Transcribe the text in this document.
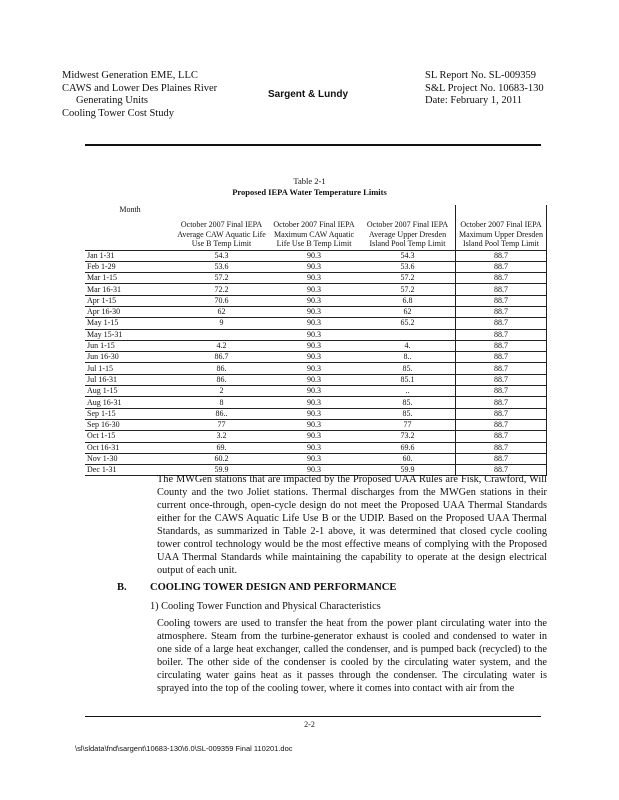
Midwest Generation EME, LLC
CAWS and Lower Des Plaines River
Generating Units
Cooling Tower Cost Study
Sargent & Lundy
SL Report No. SL-009359
S&L Project No. 10683-130
Date: February 1, 2011
Table 2-1
Proposed IEPA Water Temperature Limits
Month	October 2007 Final IEPA Average CAW Aquatic Life Use B Temp Limit	October 2007 Final IEPA Maximum CAW Aquatic Life Use B Temp Limit	October 2007 Final IEPA Average Upper Dresden Island Pool Temp Limit	October 2007 Final IEPA Maximum Upper Dresden Island Pool Temp Limit
Jan 1-31	54.3	90.3	54.3	88.7
Feb 1-29	53.6	90.3	53.6	88.7
Mar 1-15	57.2	90.3	57.2	88.7
Mar 16-31	72.2	90.3	57.2	88.7
Apr 1-15	70.6	90.3	6.8	88.7
Apr 16-30	62	90.3	62	88.7
May 1-15	9	90.3	65.2	88.7
May 15-31		90.3		88.7
Jun 1-15	4.2	90.3	4.	88.7
Jun 16-30	86.7	90.3	8..	88.7
Jul 1-15	86.	90.3	85.	88.7
Jul 16-31	86.	90.3	85.1	88.7
Aug 1-15	2	90.3	..	88.7
Aug 16-31	8	90.3	85.	88.7
Sep 1-15	86..	90.3	85.	88.7
Sep 16-30	77	90.3	77	88.7
Oct 1-15	3.2	90.3	73.2	88.7
Oct 16-31	69.	90.3	69.6	88.7
Nov 1-30	60.2	90.3	60.	88.7
Dec 1-31	59.9	90.3	59.9	88.7
The MWGen stations that are impacted by the Proposed UAA Rules are Fisk, Crawford, Will County and the two Joliet stations. Thermal discharges from the MWGen stations in their current once-through, open-cycle design do not meet the Proposed UAA Thermal Standards either for the CAWS Aquatic Life Use B or the UDIP. Based on the Proposed UAA Thermal Standards, as summarized in Table 2-1 above, it was determined that closed cycle cooling tower control technology would be the most effective means of complying with the Proposed UAA Thermal Standards while maintaining the capability to operate at the design electrical output of each unit.
B. COOLING TOWER DESIGN AND PERFORMANCE
1) Cooling Tower Function and Physical Characteristics
Cooling towers are used to transfer the heat from the power plant circulating water into the atmosphere. Steam from the turbine-generator exhaust is cooled and condensed to water in one side of a large heat exchanger, called the condenser, and is pumped back (recycled) to the boiler. The other side of the condenser is cooled by the circulating water system, and the circulating water gains heat as it passes through the condenser. The circulating water is sprayed into the top of the cooling tower, where it comes into contact with air from the
2-2
\sl\sldata\fnd\sargent\10683-130\6.0\SL-009359 Final 110201.doc
